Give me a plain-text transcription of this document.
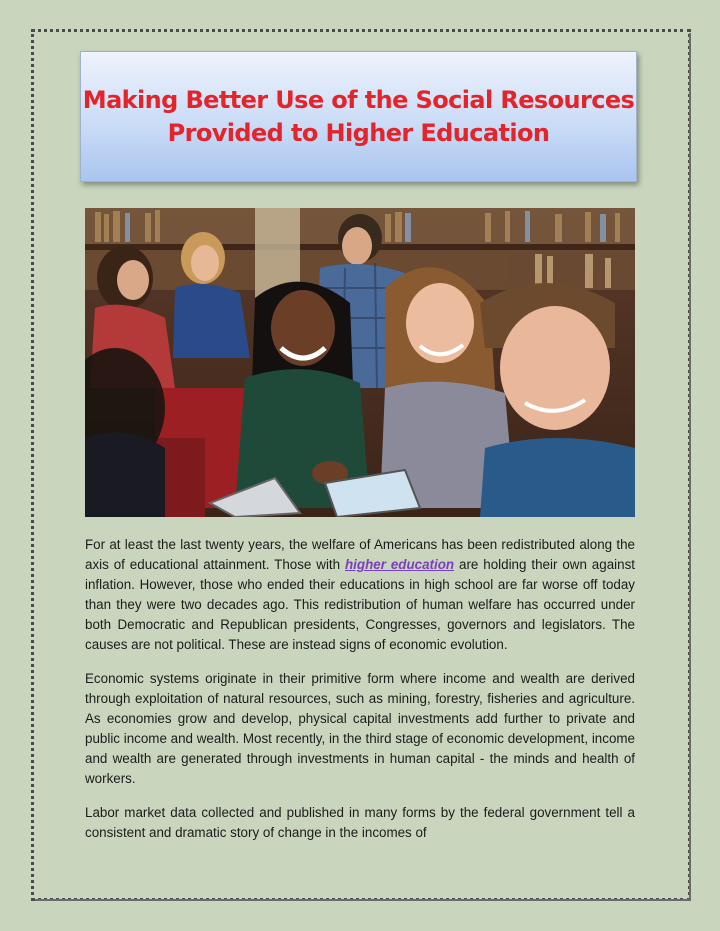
Making Better Use of the Social Resources
Provided to Higher Education

For at least the last twenty years, the welfare of Americans has been redistributed along the axis of educational attainment. Those with higher education are holding their own against inflation. However, those who ended their educations in high school are far worse off today than they were two decades ago. This redistribution of human welfare has occurred under both Democratic and Republican presidents, Congresses, governors and legislators. The causes are not political. These are instead signs of economic evolution.

Economic systems originate in their primitive form where income and wealth are derived through exploitation of natural resources, such as mining, forestry, fisheries and agriculture. As economies grow and develop, physical capital investments add further to private and public income and wealth. Most recently, in the third stage of economic development, income and wealth are generated through investments in human capital - the minds and health of workers.

Labor market data collected and published in many forms by the federal government tell a consistent and dramatic story of change in the incomes of
